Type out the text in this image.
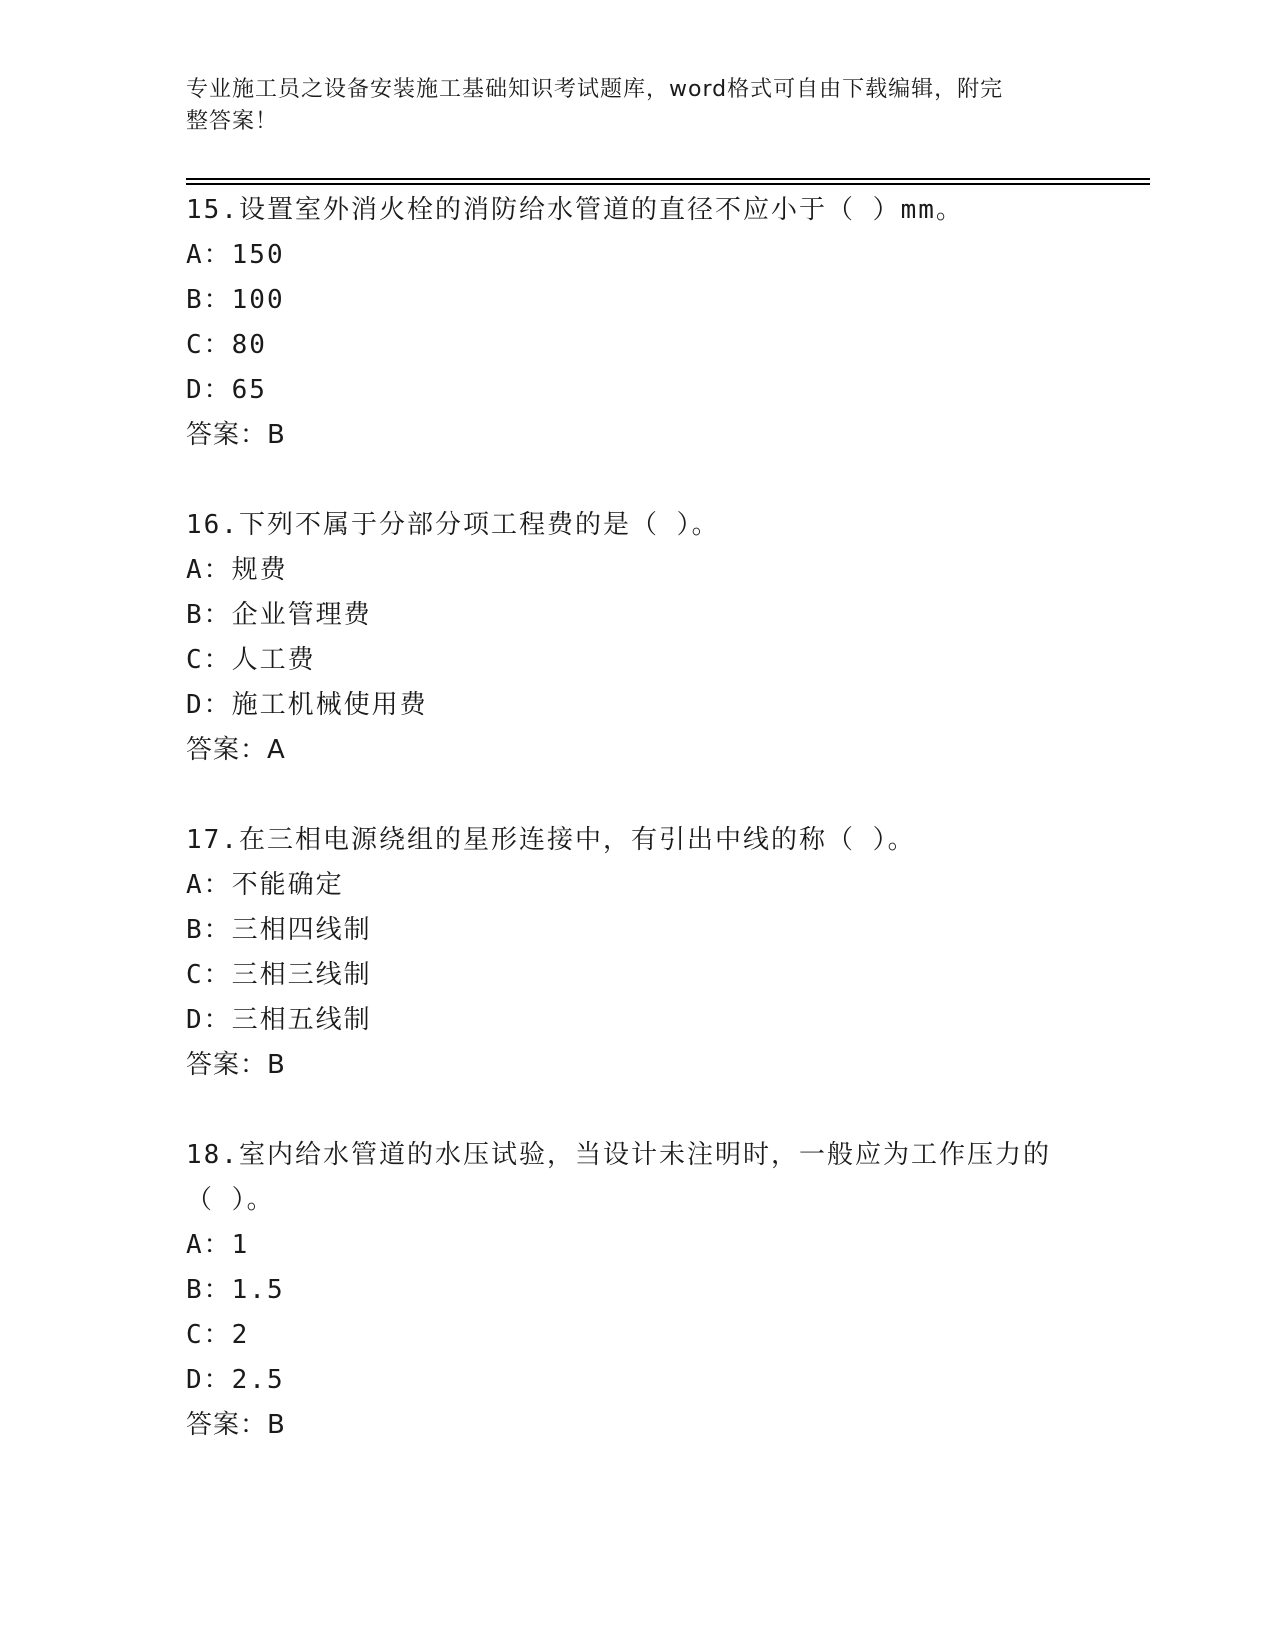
专业施工员之设备安装施工基础知识考试题库，word格式可自由下载编辑，附完
整答案！
15.设置室外消火栓的消防给水管道的直径不应小于（ ）mm。
A：150
B：100
C：80
D：65
答案：B
16.下列不属于分部分项工程费的是（ ）。
A：规费
B：企业管理费
C：人工费
D：施工机械使用费
答案：A
17.在三相电源绕组的星形连接中，有引出中线的称（ ）。
A：不能确定
B：三相四线制
C：三相三线制
D：三相五线制
答案：B
18.室内给水管道的水压试验，当设计未注明时，一般应为工作压力的
（ ）。
A：1
B：1.5
C：2
D：2.5
答案：B
